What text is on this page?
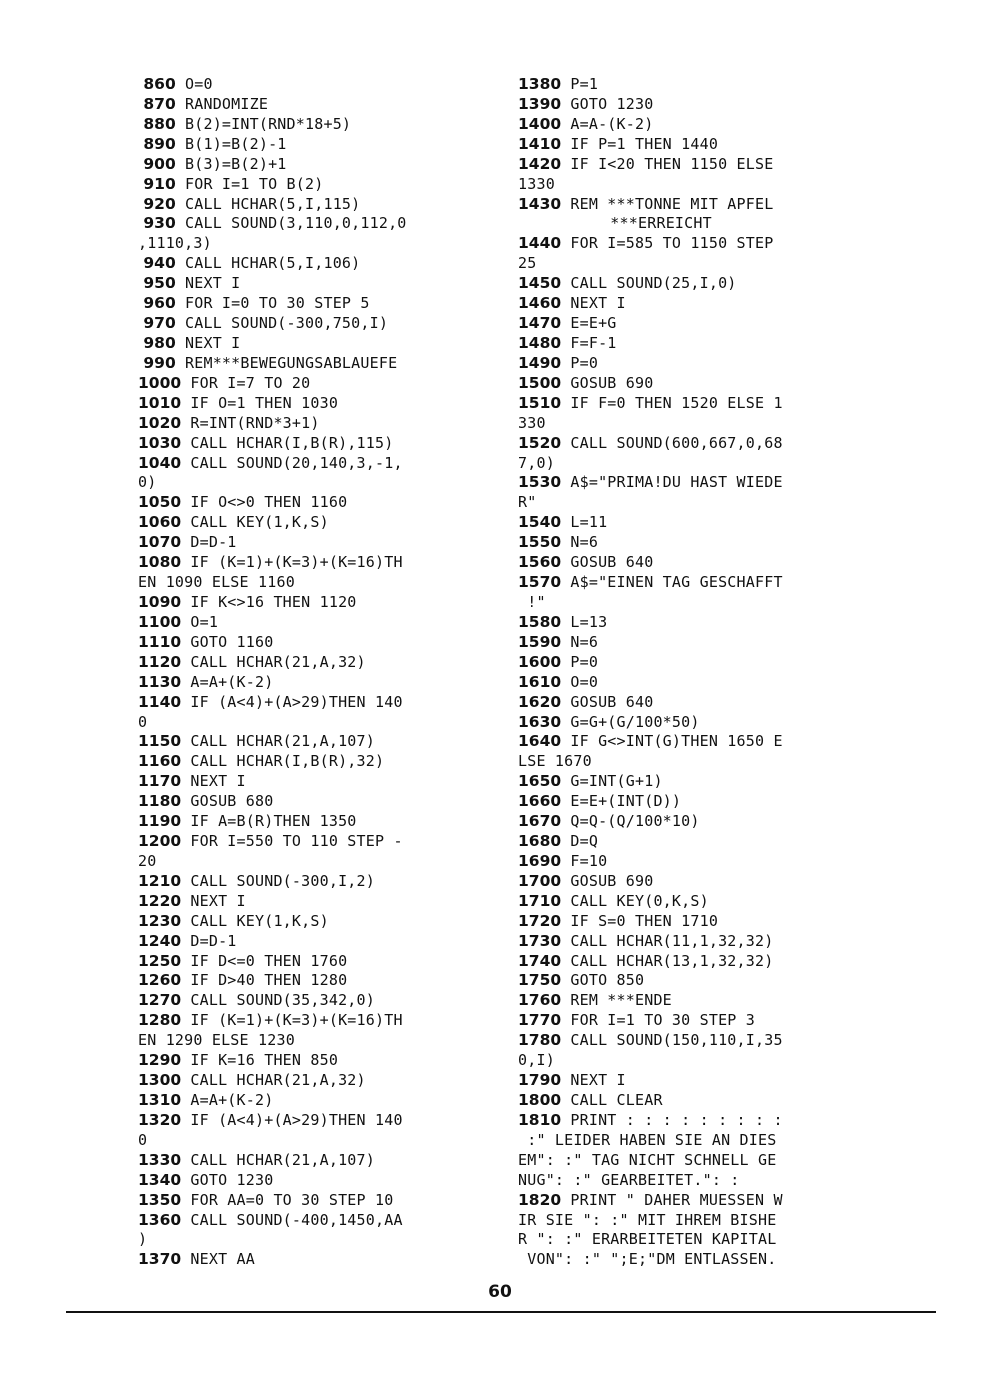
860 O=0
870 RANDOMIZE
880 B(2)=INT(RND*18+5)
890 B(1)=B(2)-1
900 B(3)=B(2)+1
910 FOR I=1 TO B(2)
920 CALL HCHAR(5,I,115)
930 CALL SOUND(3,110,0,112,0
,1110,3)
940 CALL HCHAR(5,I,106)
950 NEXT I
960 FOR I=0 TO 30 STEP 5
970 CALL SOUND(-300,750,I)
980 NEXT I
990 REM***BEWEGUNGSABLAUEFE
1000 FOR I=7 TO 20
1010 IF O=1 THEN 1030
1020 R=INT(RND*3+1)
1030 CALL HCHAR(I,B(R),115)
1040 CALL SOUND(20,140,3,-1,
0)
1050 IF O<>0 THEN 1160
1060 CALL KEY(1,K,S)
1070 D=D-1
1080 IF (K=1)+(K=3)+(K=16)TH
EN 1090 ELSE 1160
1090 IF K<>16 THEN 1120
1100 O=1
1110 GOTO 1160
1120 CALL HCHAR(21,A,32)
1130 A=A+(K-2)
1140 IF (A<4)+(A>29)THEN 140
0
1150 CALL HCHAR(21,A,107)
1160 CALL HCHAR(I,B(R),32)
1170 NEXT I
1180 GOSUB 680
1190 IF A=B(R)THEN 1350
1200 FOR I=550 TO 110 STEP -
20
1210 CALL SOUND(-300,I,2)
1220 NEXT I
1230 CALL KEY(1,K,S)
1240 D=D-1
1250 IF D<=0 THEN 1760
1260 IF D>40 THEN 1280
1270 CALL SOUND(35,342,0)
1280 IF (K=1)+(K=3)+(K=16)TH
EN 1290 ELSE 1230
1290 IF K=16 THEN 850
1300 CALL HCHAR(21,A,32)
1310 A=A+(K-2)
1320 IF (A<4)+(A>29)THEN 140
0
1330 CALL HCHAR(21,A,107)
1340 GOTO 1230
1350 FOR AA=0 TO 30 STEP 10
1360 CALL SOUND(-400,1450,AA
)
1370 NEXT AA
1380 P=1
1390 GOTO 1230
1400 A=A-(K-2)
1410 IF P=1 THEN 1440
1420 IF I<20 THEN 1150 ELSE
1330
1430 REM ***TONNE MIT APFEL
***ERREICHT
1440 FOR I=585 TO 1150 STEP
25
1450 CALL SOUND(25,I,0)
1460 NEXT I
1470 E=E+G
1480 F=F-1
1490 P=0
1500 GOSUB 690
1510 IF F=0 THEN 1520 ELSE 1
330
1520 CALL SOUND(600,667,0,68
7,0)
1530 A$="PRIMA!DU HAST WIEDE
R"
1540 L=11
1550 N=6
1560 GOSUB 640
1570 A$="EINEN TAG GESCHAFFT
!"
1580 L=13
1590 N=6
1600 P=0
1610 O=0
1620 GOSUB 640
1630 G=G+(G/100*50)
1640 IF G<>INT(G)THEN 1650 E
LSE 1670
1650 G=INT(G+1)
1660 E=E+(INT(D))
1670 Q=Q-(Q/100*10)
1680 D=Q
1690 F=10
1700 GOSUB 690
1710 CALL KEY(0,K,S)
1720 IF S=0 THEN 1710
1730 CALL HCHAR(11,1,32,32)
1740 CALL HCHAR(13,1,32,32)
1750 GOTO 850
1760 REM ***ENDE
1770 FOR I=1 TO 30 STEP 3
1780 CALL SOUND(150,110,I,35
0,I)
1790 NEXT I
1800 CALL CLEAR
1810 PRINT : : : : : : : : :
:" LEIDER HABEN SIE AN DIES
EM": :" TAG NICHT SCHNELL GE
NUG": :" GEARBEITET.": :
1820 PRINT " DAHER MUESSEN W
IR SIE ": :" MIT IHREM BISHE
R ": :" ERARBEITETEN KAPITAL
VON": :" ";E;"DM ENTLASSEN.
60
